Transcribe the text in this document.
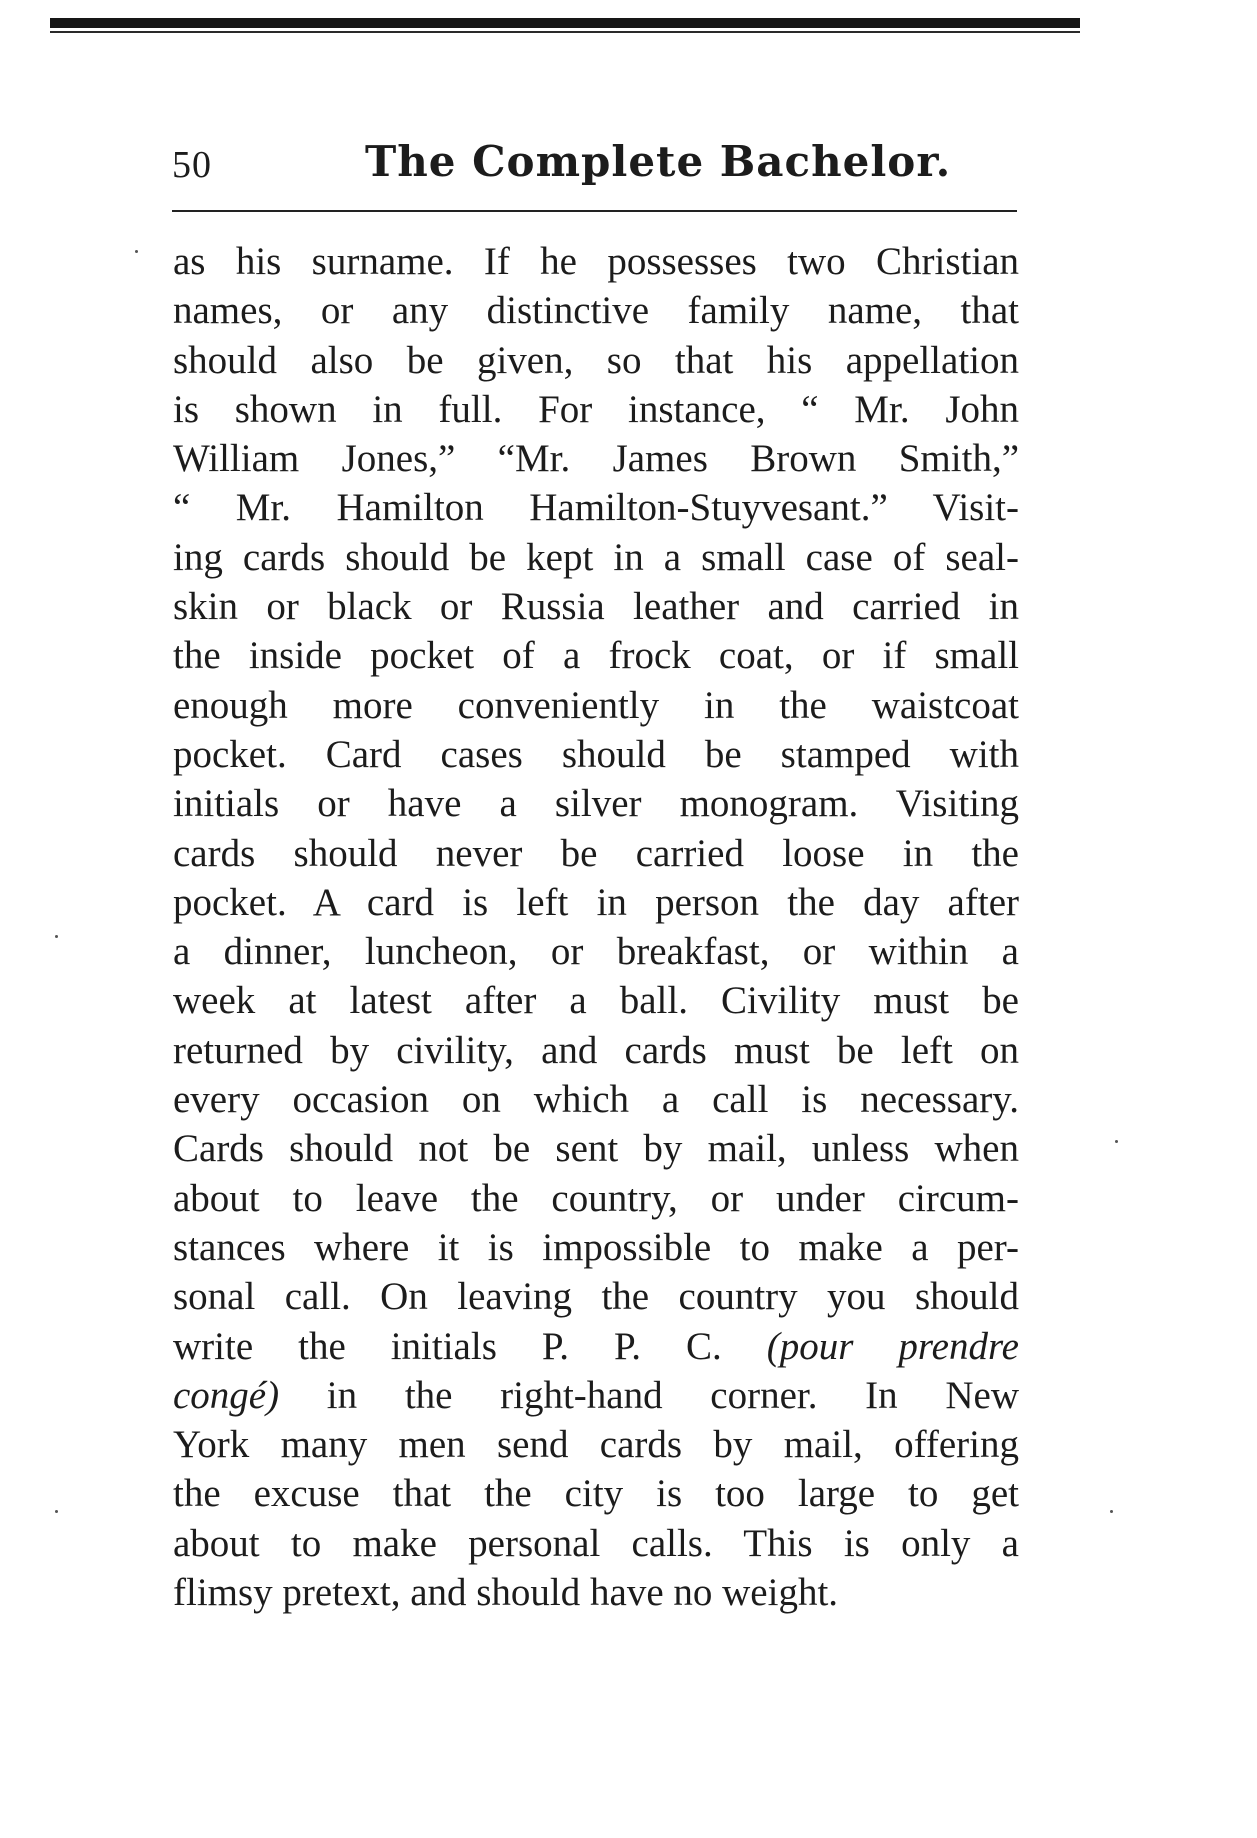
50	The Complete Bachelor.
as his surname. If he possesses two Christian
names, or any distinctive family name, that
should also be given, so that his appellation
is shown in full. For instance, “ Mr. John
William Jones,” “Mr. James Brown Smith,”
“ Mr. Hamilton Hamilton-Stuyvesant.” Visit-
ing cards should be kept in a small case of seal-
skin or black or Russia leather and carried in
the inside pocket of a frock coat, or if small
enough more conveniently in the waistcoat
pocket. Card cases should be stamped with
initials or have a silver monogram. Visiting
cards should never be carried loose in the
pocket. A card is left in person the day after
a dinner, luncheon, or breakfast, or within a
week at latest after a ball. Civility must be
returned by civility, and cards must be left on
every occasion on which a call is necessary.
Cards should not be sent by mail, unless when
about to leave the country, or under circum-
stances where it is impossible to make a per-
sonal call. On leaving the country you should
write the initials P. P. C. (pour prendre
congé) in the right-hand corner. In New
York many men send cards by mail, offering
the excuse that the city is too large to get
about to make personal calls. This is only a
flimsy pretext, and should have no weight.
